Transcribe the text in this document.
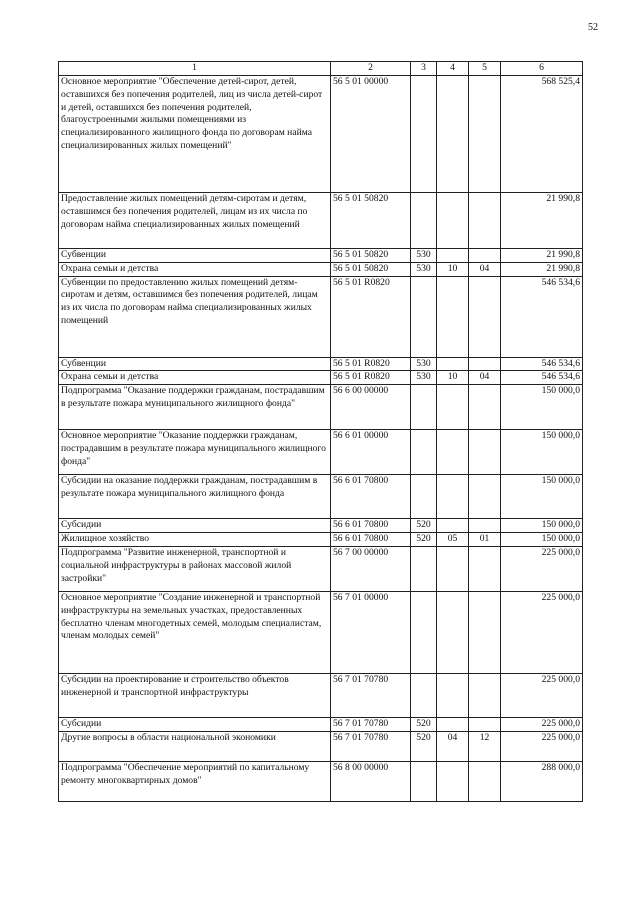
52
1	2	3	4	5	6
Основное мероприятие "Обеспечение детей-сирот, детей, оставшихся без попечения родителей, лиц из числа детей-сирот и детей, оставшихся без попечения родителей, благоустроенными жилыми помещениями из специализированного жилищного фонда по договорам найма специализированных жилых помещений"	56 5 01 00000				568 525,4
Предоставление жилых помещений детям-сиротам и детям, оставшимся без попечения родителей, лицам из их числа по договорам найма специализированных жилых помещений	56 5 01 50820				21 990,8
Субвенции	56 5 01 50820	530			21 990,8
Охрана семьи и детства	56 5 01 50820	530	10	04	21 990,8
Субвенции по предоставлению жилых помещений детям-сиротам и детям, оставшимся без попечения родителей, лицам из их числа по договорам найма специализированных жилых помещений	56 5 01 R0820				546 534,6
Субвенции	56 5 01 R0820	530			546 534,6
Охрана семьи и детства	56 5 01 R0820	530	10	04	546 534,6
Подпрограмма "Оказание поддержки гражданам, пострадавшим в результате пожара муниципального жилищного фонда"	56 6 00 00000				150 000,0
Основное мероприятие "Оказание поддержки гражданам, пострадавшим в результате пожара муниципального жилищного фонда"	56 6 01 00000				150 000,0
Субсидии на оказание поддержки гражданам, пострадавшим в результате пожара муниципального жилищного фонда	56 6 01 70800				150 000,0
Субсидии	56 6 01 70800	520			150 000,0
Жилищное хозяйство	56 6 01 70800	520	05	01	150 000,0
Подпрограмма "Развитие инженерной, транспортной и социальной инфраструктуры в районах массовой жилой застройки"	56 7 00 00000				225 000,0
Основное мероприятие "Создание инженерной и транспортной инфраструктуры на земельных участках, предоставленных бесплатно членам многодетных семей, молодым специалистам, членам молодых семей"	56 7 01 00000				225 000,0
Субсидии на проектирование и строительство объектов инженерной и транспортной инфраструктуры	56 7 01 70780				225 000,0
Субсидии	56 7 01 70780	520			225 000,0
Другие вопросы в области национальной экономики	56 7 01 70780	520	04	12	225 000,0
Подпрограмма "Обеспечение мероприятий по капитальному ремонту многоквартирных домов"	56 8 00 00000				288 000,0
